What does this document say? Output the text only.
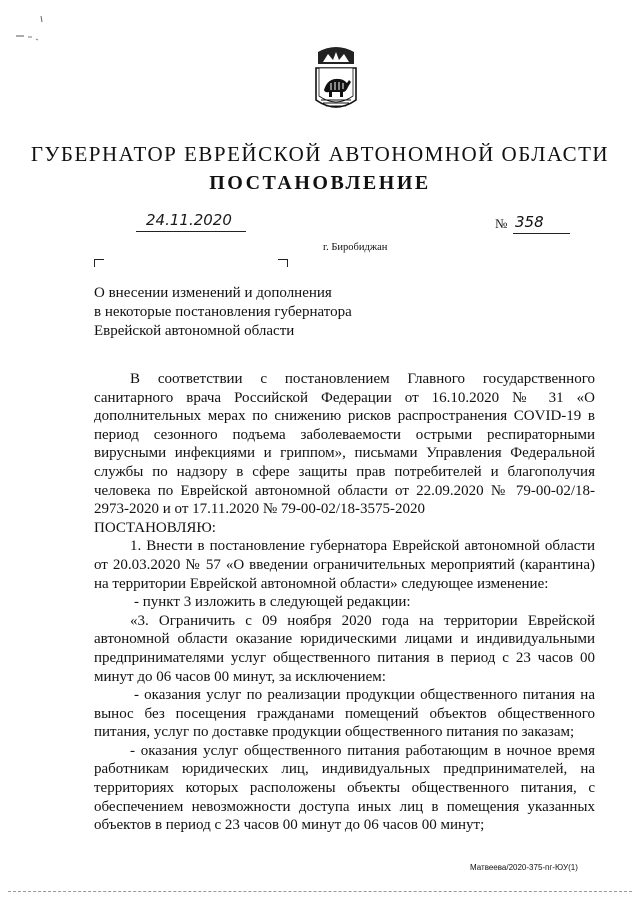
ГУБЕРНАТОР ЕВРЕЙСКОЙ АВТОНОМНОЙ ОБЛАСТИ
ПОСТАНОВЛЕНИЕ
24.11.2020	№ 358
г. Биробиджан
О внесении изменений и дополнения
в некоторые постановления губернатора
Еврейской автономной области

В соответствии с постановлением Главного государственного санитарного врача Российской Федерации от 16.10.2020 № 31 «О дополнительных мерах по снижению рисков распространения COVID-19 в период сезонного подъема заболеваемости острыми респираторными вирусными инфекциями и гриппом», письмами Управления Федеральной службы по надзору в сфере защиты прав потребителей и благополучия человека по Еврейской автономной области от 22.09.2020 № 79-00-02/18-2973-2020 и от 17.11.2020 № 79-00-02/18-3575-2020

ПОСТАНОВЛЯЮ:

1. Внести в постановление губернатора Еврейской автономной области от 20.03.2020 № 57 «О введении ограничительных мероприятий (карантина) на территории Еврейской автономной области» следующее изменение:

- пункт 3 изложить в следующей редакции:

«3. Ограничить с 09 ноября 2020 года на территории Еврейской автономной области оказание юридическими лицами и индивидуальными предпринимателями услуг общественного питания в период с 23 часов 00 минут до 06 часов 00 минут, за исключением:

- оказания услуг по реализации продукции общественного питания на вынос без посещения гражданами помещений объектов общественного питания, услуг по доставке продукции общественного питания по заказам;

- оказания услуг общественного питания работающим в ночное время работникам юридических лиц, индивидуальных предпринимателей, на территориях которых расположены объекты общественного питания, с обеспечением невозможности доступа иных лиц в помещения указанных объектов в период с 23 часов 00 минут до 06 часов 00 минут;

Матвеева/2020-375-пг-ЮУ(1)
